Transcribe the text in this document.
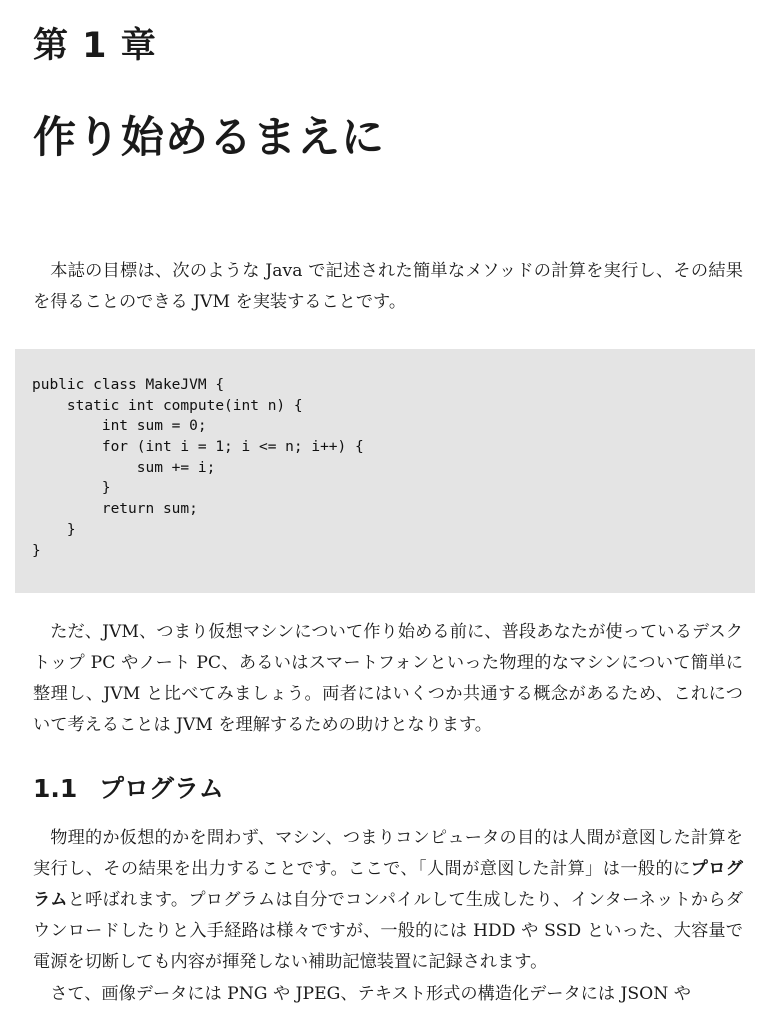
第 1 章
作り始めるまえに

本誌の目標は、次のような Java で記述された簡単なメソッドの計算を実行し、その結果を得ることのできる JVM を実装することです。

public class MakeJVM {
static int compute(int n) {
int sum = 0;
for (int i = 1; i <= n; i++) {
sum += i;
}
return sum;
}
}

ただ、JVM、つまり仮想マシンについて作り始める前に、普段あなたが使っているデスクトップ PC やノート PC、あるいはスマートフォンといった物理的なマシンについて簡単に整理し、JVM と比べてみましょう。両者にはいくつか共通する概念があるため、これについて考えることは JVM を理解するための助けとなります。

1.1 プログラム

物理的か仮想的かを問わず、マシン、つまりコンピュータの目的は人間が意図した計算を実行し、その結果を出力することです。ここで、「人間が意図した計算」は一般的にプログラムと呼ばれます。プログラムは自分でコンパイルして生成したり、インターネットからダウンロードしたりと入手経路は様々ですが、一般的には HDD や SSD といった、大容量で電源を切断しても内容が揮発しない補助記憶装置に記録されます。

さて、画像データには PNG や JPEG、テキスト形式の構造化データには JSON や
